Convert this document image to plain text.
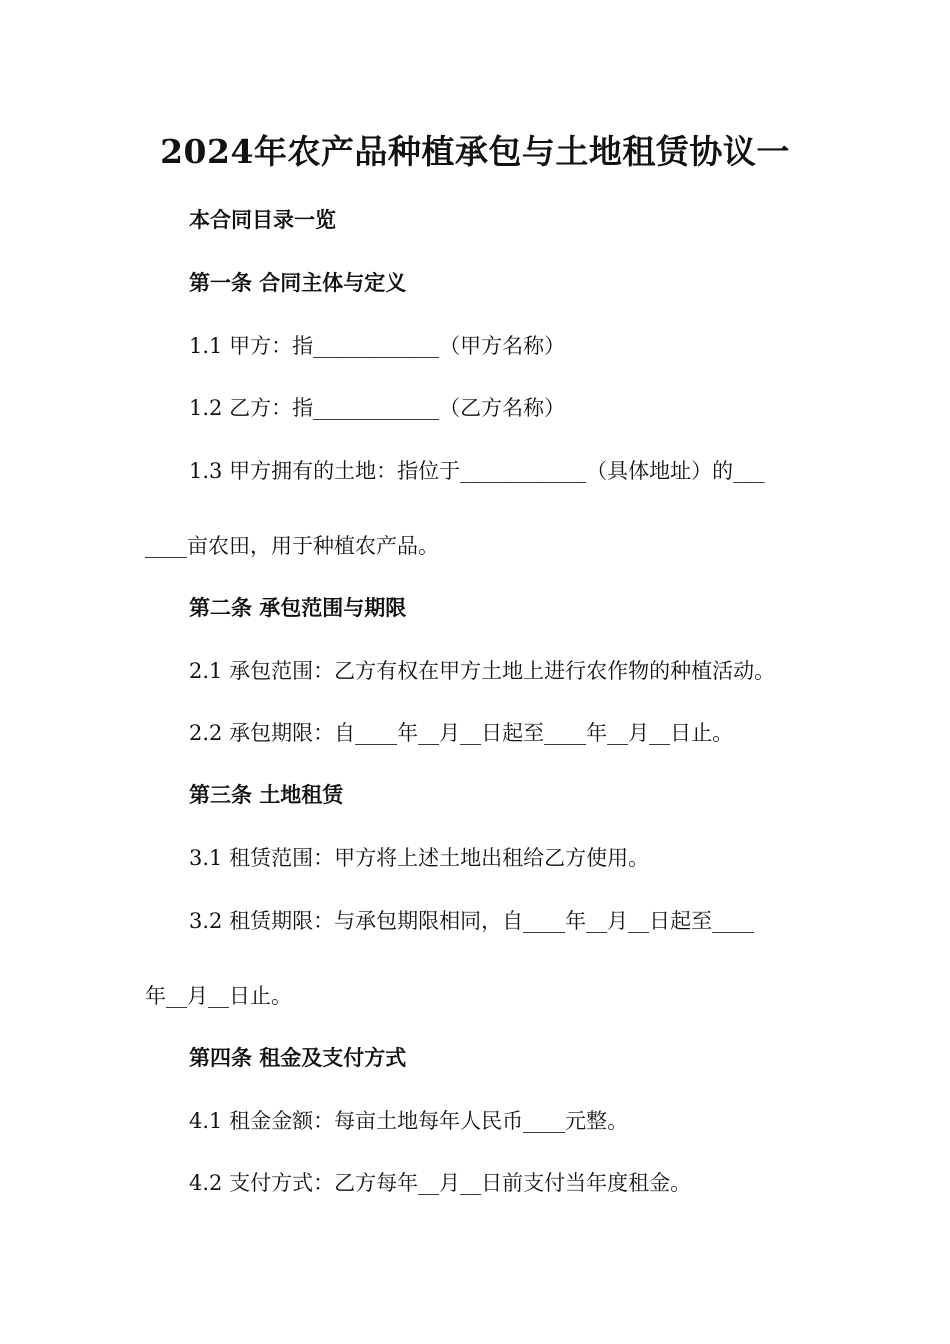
2024年农产品种植承包与土地租赁协议一
本合同目录一览
第一条 合同主体与定义
1.1 甲方：指____________（甲方名称）
1.2 乙方：指____________（乙方名称）
1.3 甲方拥有的土地：指位于____________（具体地址）的___
____亩农田，用于种植农产品。
第二条 承包范围与期限
2.1 承包范围：乙方有权在甲方土地上进行农作物的种植活动。
2.2 承包期限：自____年__月__日起至____年__月__日止。
第三条 土地租赁
3.1 租赁范围：甲方将上述土地出租给乙方使用。
3.2 租赁期限：与承包期限相同，自____年__月__日起至____
年__月__日止。
第四条 租金及支付方式
4.1 租金金额：每亩土地每年人民币____元整。
4.2 支付方式：乙方每年__月__日前支付当年度租金。
